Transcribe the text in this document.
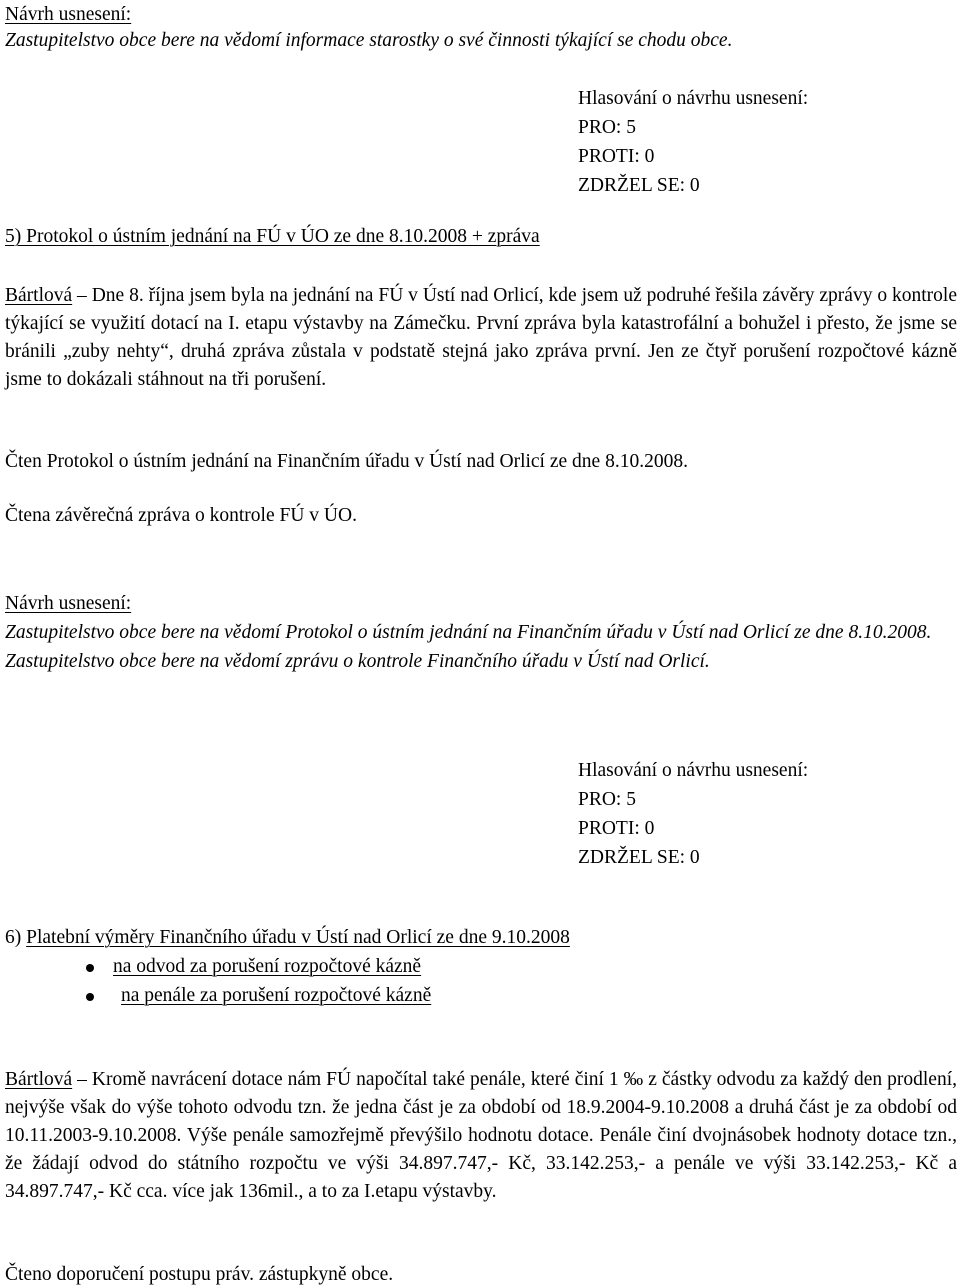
Návrh usnesení:
Zastupitelstvo obce bere na vědomí informace starostky o své činnosti týkající se chodu obce.
Hlasování o návrhu usnesení:
PRO: 5
PROTI: 0
ZDRŽEL SE: 0
5) Protokol o ústním jednání na FÚ v ÚO ze dne 8.10.2008 + zpráva
Bártlová – Dne 8. října jsem byla na jednání na FÚ v Ústí nad Orlicí, kde jsem už podruhé řešila závěry zprávy o kontrole týkající se využití dotací na I. etapu výstavby na Zámečku. První zpráva byla katastrofální a bohužel i přesto, že jsme se bránili „zuby nehty“, druhá zpráva zůstala v podstatě stejná jako zpráva první. Jen ze čtyř porušení rozpočtové kázně jsme to dokázali stáhnout na tři porušení.
Čten Protokol o ústním jednání na Finančním úřadu v Ústí nad Orlicí ze dne 8.10.2008.
Čtena závěrečná zpráva o kontrole FÚ v ÚO.
Návrh usnesení:
Zastupitelstvo obce bere na vědomí Protokol o ústním jednání na Finančním úřadu v Ústí nad Orlicí ze dne 8.10.2008.
Zastupitelstvo obce bere na vědomí zprávu o kontrole Finančního úřadu v Ústí nad Orlicí.
Hlasování o návrhu usnesení:
PRO: 5
PROTI: 0
ZDRŽEL SE: 0
6) Platební výměry Finančního úřadu v Ústí nad Orlicí ze dne 9.10.2008
na odvod za porušení rozpočtové kázně
na penále za porušení rozpočtové kázně
Bártlová – Kromě navrácení dotace nám FÚ napočítal také penále, které činí 1 ‰ z částky odvodu za každý den prodlení, nejvýše však do výše tohoto odvodu tzn. že jedna část je za období od 18.9.2004-9.10.2008 a druhá část je za období od 10.11.2003-9.10.2008. Výše penále samozřejmě převýšilo hodnotu dotace. Penále činí dvojnásobek hodnoty dotace tzn., že žádají odvod do státního rozpočtu ve výši 34.897.747,- Kč, 33.142.253,- a penále ve výši 33.142.253,- Kč a 34.897.747,- Kč cca. více jak 136mil., a to za I.etapu výstavby.
Čteno doporučení postupu práv. zástupkyně obce.
